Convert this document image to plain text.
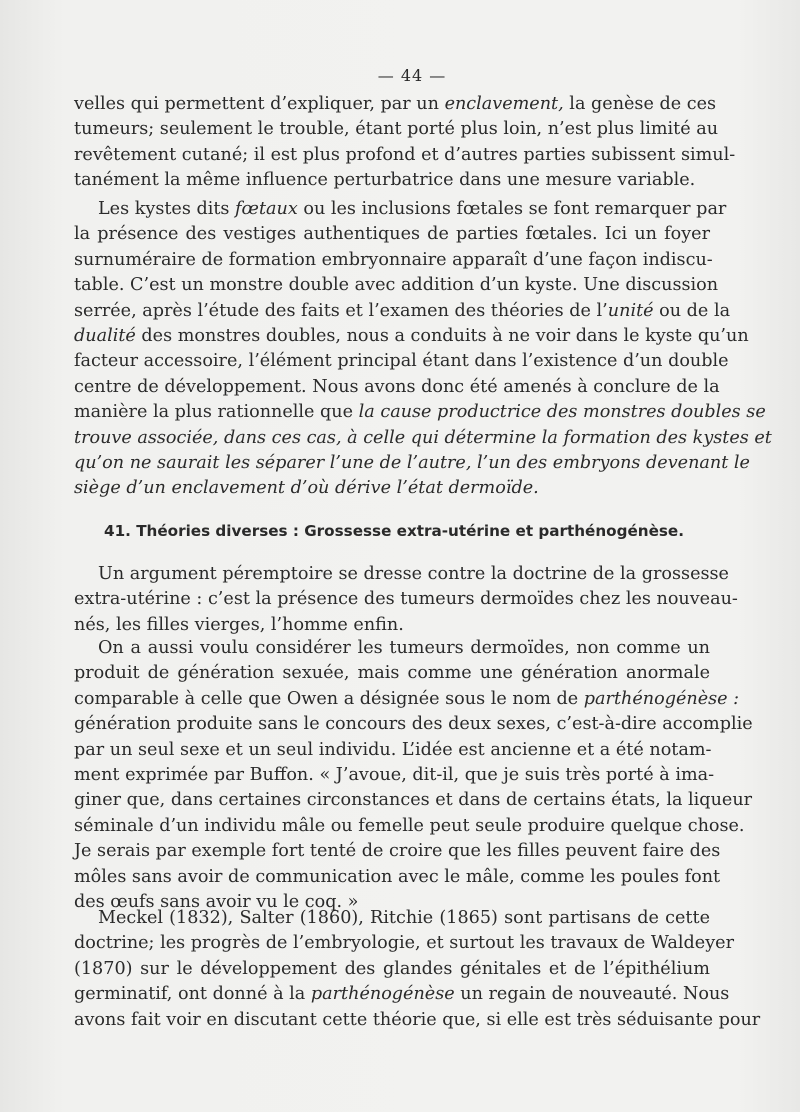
— 44 —
velles qui permettent d’expliquer, par un enclavement, la genèse de ces
tumeurs; seulement le trouble, étant porté plus loin, n’est plus limité au
revêtement cutané; il est plus profond et d’autres parties subissent simul-
tanément la même influence perturbatrice dans une mesure variable.
Les kystes dits fœtaux ou les inclusions fœtales se font remarquer par
la présence des vestiges authentiques de parties fœtales. Ici un foyer
surnuméraire de formation embryonnaire apparaît d’une façon indiscu-
table. C’est un monstre double avec addition d’un kyste. Une discussion
serrée, après l’étude des faits et l’examen des théories de l’unité ou de la
dualité des monstres doubles, nous a conduits à ne voir dans le kyste qu’un
facteur accessoire, l’élément principal étant dans l’existence d’un double
centre de développement. Nous avons donc été amenés à conclure de la
manière la plus rationnelle que la cause productrice des monstres doubles se
trouve associée, dans ces cas, à celle qui détermine la formation des kystes et
qu’on ne saurait les séparer l’une de l’autre, l’un des embryons devenant le
siège d’un enclavement d’où dérive l’état dermoïde.
41. Théories diverses : Grossesse extra-utérine et parthénogénèse.
Un argument péremptoire se dresse contre la doctrine de la grossesse
extra-utérine : c’est la présence des tumeurs dermoïdes chez les nouveau-
nés, les filles vierges, l’homme enfin.
On a aussi voulu considérer les tumeurs dermoïdes, non comme un
produit de génération sexuée, mais comme une génération anormale
comparable à celle que Owen a désignée sous le nom de parthénogénèse :
génération produite sans le concours des deux sexes, c’est-à-dire accomplie
par un seul sexe et un seul individu. L’idée est ancienne et a été notam-
ment exprimée par Buffon. « J’avoue, dit-il, que je suis très porté à ima-
giner que, dans certaines circonstances et dans de certains états, la liqueur
séminale d’un individu mâle ou femelle peut seule produire quelque chose.
Je serais par exemple fort tenté de croire que les filles peuvent faire des
môles sans avoir de communication avec le mâle, comme les poules font
des œufs sans avoir vu le coq. »
Meckel (1832), Salter (1860), Ritchie (1865) sont partisans de cette
doctrine; les progrès de l’embryologie, et surtout les travaux de Waldeyer
(1870) sur le développement des glandes génitales et de l’épithélium
germinatif, ont donné à la parthénogénèse un regain de nouveauté. Nous
avons fait voir en discutant cette théorie que, si elle est très séduisante pour
